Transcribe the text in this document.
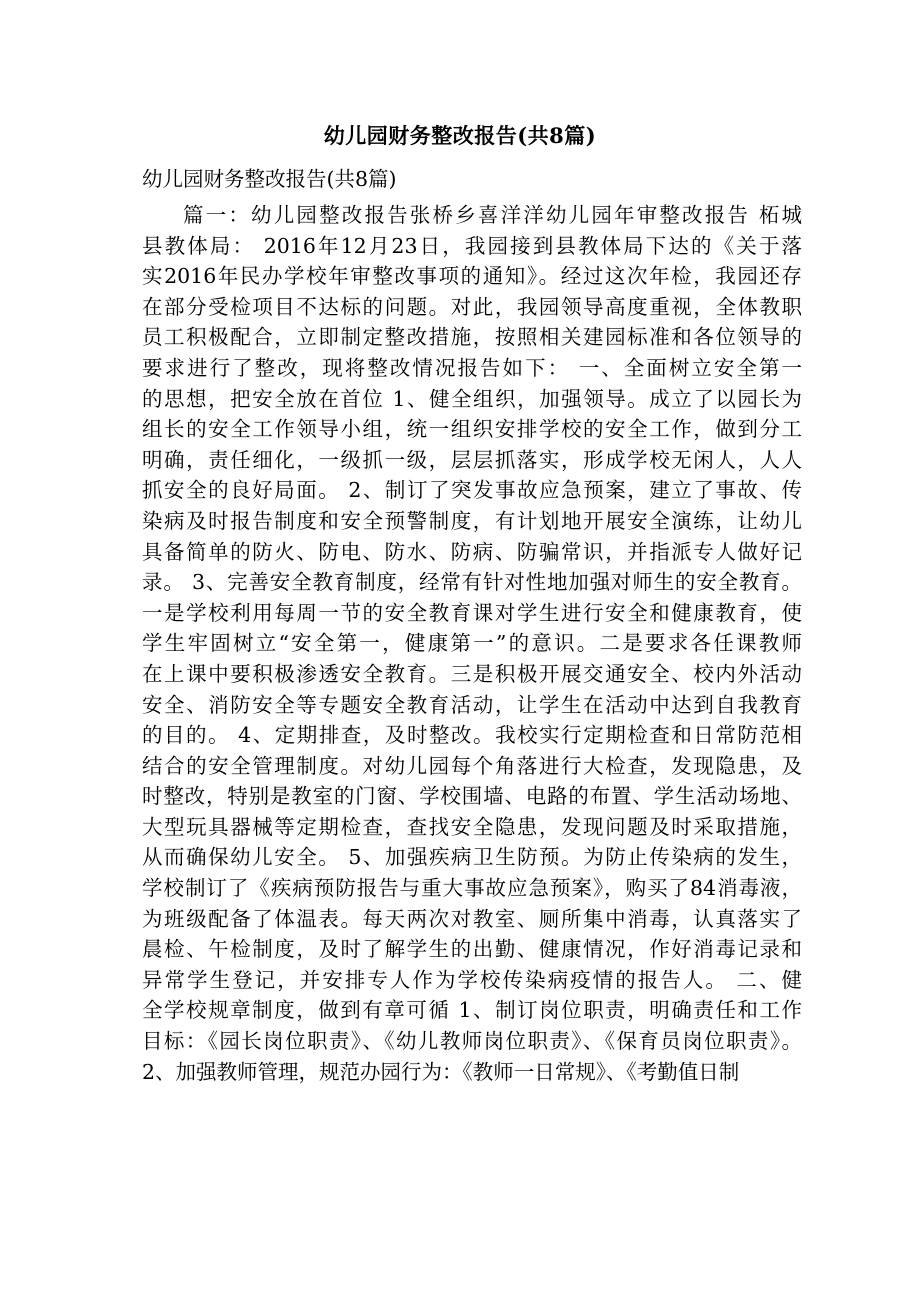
幼儿园财务整改报告(共8篇)
幼儿园财务整改报告(共8篇)
篇一：幼儿园整改报告张桥乡喜洋洋幼儿园年审整改报告 柘城
县教体局： 2016年12月23日，我园接到县教体局下达的《关于落
实2016年民办学校年审整改事项的通知》。经过这次年检，我园还存
在部分受检项目不达标的问题。对此，我园领导高度重视，全体教职
员工积极配合，立即制定整改措施，按照相关建园标准和各位领导的
要求进行了整改，现将整改情况报告如下： 一、全面树立安全第一
的思想，把安全放在首位 1、健全组织，加强领导。成立了以园长为
组长的安全工作领导小组，统一组织安排学校的安全工作，做到分工
明确，责任细化，一级抓一级，层层抓落实，形成学校无闲人，人人
抓安全的良好局面。 2、制订了突发事故应急预案，建立了事故、传
染病及时报告制度和安全预警制度，有计划地开展安全演练，让幼儿
具备简单的防火、防电、防水、防病、防骗常识，并指派专人做好记
录。 3、完善安全教育制度，经常有针对性地加强对师生的安全教育。
一是学校利用每周一节的安全教育课对学生进行安全和健康教育，使
学生牢固树立“安全第一，健康第一”的意识。二是要求各任课教师
在上课中要积极渗透安全教育。三是积极开展交通安全、校内外活动
安全、消防安全等专题安全教育活动，让学生在活动中达到自我教育
的目的。 4、定期排查，及时整改。我校实行定期检查和日常防范相
结合的安全管理制度。对幼儿园每个角落进行大检查，发现隐患，及
时整改，特别是教室的门窗、学校围墙、电路的布置、学生活动场地、
大型玩具器械等定期检查，查找安全隐患，发现问题及时采取措施，
从而确保幼儿安全。 5、加强疾病卫生防预。为防止传染病的发生，
学校制订了《疾病预防报告与重大事故应急预案》，购买了84消毒液，
为班级配备了体温表。每天两次对教室、厕所集中消毒，认真落实了
晨检、午检制度，及时了解学生的出勤、健康情况，作好消毒记录和
异常学生登记，并安排专人作为学校传染病疫情的报告人。 二、健
全学校规章制度，做到有章可循 1、制订岗位职责，明确责任和工作
目标：《园长岗位职责》、《幼儿教师岗位职责》、《保育员岗位职责》。
2、加强教师管理，规范办园行为：《教师一日常规》、《考勤值日制
